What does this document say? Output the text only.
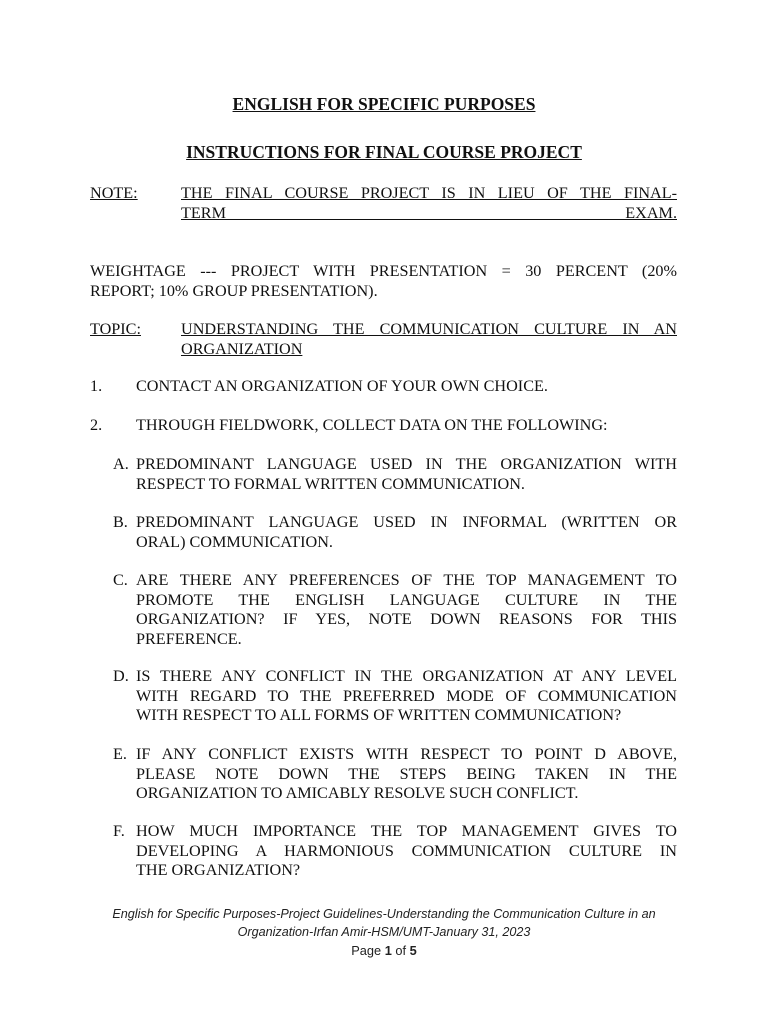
ENGLISH FOR SPECIFIC PURPOSES
INSTRUCTIONS FOR FINAL COURSE PROJECT
NOTE:	THE FINAL COURSE PROJECT IS IN LIEU OF THE FINAL-
TERM EXAM.
WEIGHTAGE --- PROJECT WITH PRESENTATION = 30 PERCENT (20%
REPORT; 10% GROUP PRESENTATION).
TOPIC: UNDERSTANDING THE COMMUNICATION CULTURE IN AN
ORGANIZATION
1. CONTACT AN ORGANIZATION OF YOUR OWN CHOICE.
2. THROUGH FIELDWORK, COLLECT DATA ON THE FOLLOWING:
A. PREDOMINANT LANGUAGE USED IN THE ORGANIZATION WITH
RESPECT TO FORMAL WRITTEN COMMUNICATION.
B. PREDOMINANT LANGUAGE USED IN INFORMAL (WRITTEN OR
ORAL) COMMUNICATION.
C. ARE THERE ANY PREFERENCES OF THE TOP MANAGEMENT TO
PROMOTE THE ENGLISH LANGUAGE CULTURE IN THE
ORGANIZATION? IF YES, NOTE DOWN REASONS FOR THIS
PREFERENCE.
D. IS THERE ANY CONFLICT IN THE ORGANIZATION AT ANY LEVEL
WITH REGARD TO THE PREFERRED MODE OF COMMUNICATION
WITH RESPECT TO ALL FORMS OF WRITTEN COMMUNICATION?
E. IF ANY CONFLICT EXISTS WITH RESPECT TO POINT D ABOVE,
PLEASE NOTE DOWN THE STEPS BEING TAKEN IN THE
ORGANIZATION TO AMICABLY RESOLVE SUCH CONFLICT.
F. HOW MUCH IMPORTANCE THE TOP MANAGEMENT GIVES TO
DEVELOPING A HARMONIOUS COMMUNICATION CULTURE IN
THE ORGANIZATION?
English for Specific Purposes-Project Guidelines-Understanding the Communication Culture in an
Organization-Irfan Amir-HSM/UMT-January 31, 2023
Page 1 of 5
